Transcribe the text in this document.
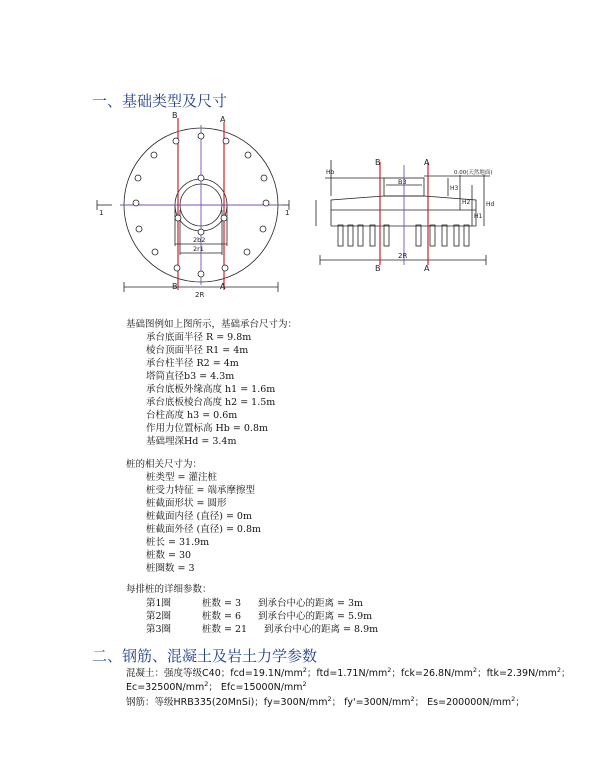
一、基础类型及尺寸
B	A
B	A
1	1
2b2
2r1
2R
B	A
B	A
B3
Hb
H3
H2
H1
Hd
0.00(天然地面)
2R
基础图例如上图所示，基础承台尺寸为：
承台底面半径 R = 9.8m
棱台顶面半径 R1 = 4m
承台柱半径 R2 = 4m
塔筒直径b3 = 4.3m
承台底板外缘高度 h1 = 1.6m
承台底板棱台高度 h2 = 1.5m
台柱高度 h3 = 0.6m
作用力位置标高 Hb = 0.8m
基础埋深Hd = 3.4m
桩的相关尺寸为：
桩类型 = 灌注桩
桩受力特征 = 端承摩擦型
桩截面形状 = 圆形
桩截面内径 (直径) = 0m
桩截面外径 (直径) = 0.8m
桩长 = 31.9m
桩数 = 30
桩圈数 = 3
每排桩的详细参数：
第1圈	桩数 = 3 到承台中心的距离 = 3m
第2圈	桩数 = 6 到承台中心的距离 = 5.9m
第3圈	桩数 = 21 到承台中心的距离 = 8.9m
二、钢筋、混凝土及岩土力学参数
混凝土：强度等级C40；$fcd=19.1N/mm^2$；$ftd=1.71N/mm^2$；$fck=26.8N/mm^2$；$ftk=2.39N/mm^2$；
$Ec=32500N/mm^2$； $Efc=15000N/mm^2$
钢筋：等级HRB335(20MnSi)；$fy=300N/mm^2$； $fy'=300N/mm^2$； $Es=200000N/mm^2$；
